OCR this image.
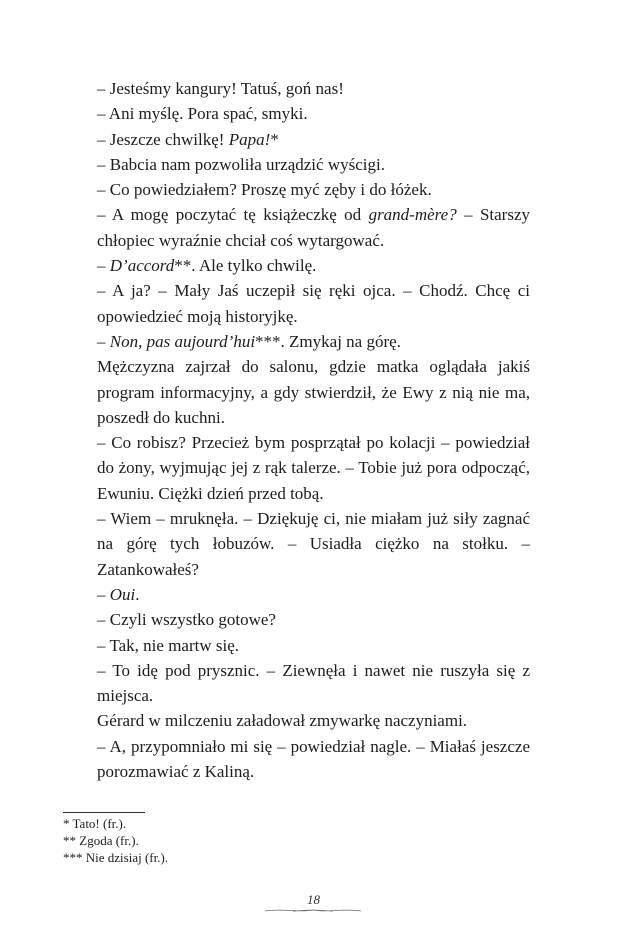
– Jesteśmy kangury! Tatuś, goń nas!

– Ani myślę. Pora spać, smyki.

– Jeszcze chwilkę! Papa!*

– Babcia nam pozwoliła urządzić wyścigi.

– Co powiedziałem? Proszę myć zęby i do łóżek.

– A mogę poczytać tę książeczkę od grand-mère? – Starszy chłopiec wyraźnie chciał coś wytargować.

– D’accord**. Ale tylko chwilę.

– A ja? – Mały Jaś uczepił się ręki ojca. – Chodź. Chcę ci opowiedzieć moją historyjkę.

– Non, pas aujourd’hui***. Zmykaj na górę.

Mężczyzna zajrzał do salonu, gdzie matka oglądała jakiś program informacyjny, a gdy stwierdził, że Ewy z nią nie ma, poszedł do kuchni.

– Co robisz? Przecież bym posprzątał po kolacji – powiedział do żony, wyjmując jej z rąk talerze. – Tobie już pora odpocząć, Ewuniu. Ciężki dzień przed tobą.

– Wiem – mruknęła. – Dziękuję ci, nie miałam już siły zagnać na górę tych łobuzów. – Usiadła ciężko na stołku. – Zatankowałeś?

– Oui.

– Czyli wszystko gotowe?

– Tak, nie martw się.

– To idę pod prysznic. – Ziewnęła i nawet nie ruszyła się z miejsca.

Gérard w milczeniu załadował zmywarkę naczyniami.

– A, przypomniało mi się – powiedział nagle. – Miałaś jeszcze porozmawiać z Kaliną.

* Tato! (fr.).

** Zgoda (fr.).

*** Nie dzisiaj (fr.).

18
